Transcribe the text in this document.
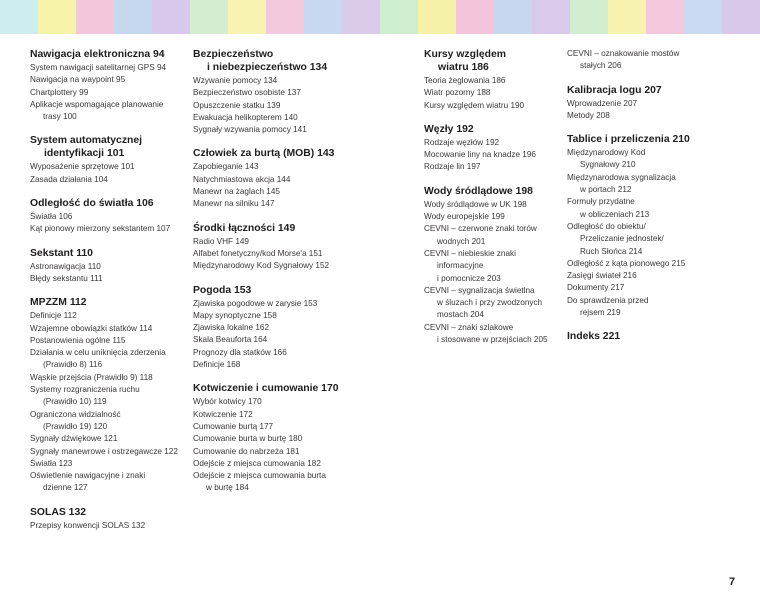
Nawigacja elektroniczna 94
System nawigacji satelitarnej GPS 94
Nawigacja na waypoint 95
Chartplottery 99
Aplikacje wspomagające planowanie
trasy 100
System automatycznej
identyfikacji 101
Wyposażenie sprzętowe 101
Zasada działania 104
Odległość do światła 106
Światła 106
Kąt pionowy mierzony sekstantem 107
Sekstant 110
Astronawigacja 110
Błędy sekstantu 111
MPZZM 112
Definicje 112
Wzajemne obowiązki statków 114
Postanowienia ogólne 115
Działania w celu uniknięcia zderzenia
(Prawidło 8) 116
Wąskie przejścia (Prawidło 9) 118
Systemy rozgraniczenia ruchu
(Prawidło 10) 119
Ograniczona widzialność
(Prawidło 19) 120
Sygnały dźwiękowe 121
Sygnały manewrowe i ostrzegawcze 122
Światła 123
Oświetlenie nawigacyjne i znaki
dzienne 127
SOLAS 132
Przepisy konwencji SOLAS 132
Bezpieczeństwo
i niebezpieczeństwo 134
Wzywanie pomocy 134
Bezpieczeństwo osobiste 137
Opuszczenie statku 139
Ewakuacja helikopterem 140
Sygnały wzywania pomocy 141
Człowiek za burtą (MOB) 143
Zapobieganie 143
Natychmiastowa akcja 144
Manewr na żaglach 145
Manewr na silniku 147
Środki łączności 149
Radio VHF 149
Alfabet fonetyczny/kod Morse'a 151
Międzynarodowy Kod Sygnałowy 152
Pogoda 153
Zjawiska pogodowe w zarysie 153
Mapy synoptyczne 158
Zjawiska lokalne 162
Skala Beauforta 164
Prognozy dla statków 166
Definicje 168
Kotwiczenie i cumowanie 170
Wybór kotwicy 170
Kotwiczenie 172
Cumowanie burtą 177
Cumowanie burta w burtę 180
Cumowanie do nabrzeża 181
Odejście z miejsca cumowania 182
Odejście z miejsca cumowania burta
w burtę 184
Kursy względem
wiatru 186
Teoria żeglowania 186
Wiatr pozorny 188
Kursy względem wiatru 190
Węzły 192
Rodzaje węzłów 192
Mocowanie liny na knadze 196
Rodzaje lin 197
Wody śródlądowe 198
Wody śródlądowe w UK 198
Wody europejskie 199
CEVNI – czerwone znaki torów
wodnych 201
CEVNI – niebieskie znaki
informacyjne
i pomocnicze 203
CEVNI – sygnalizacja świetlna
w śluzach i przy zwodzonych
mostach 204
CEVNI – znaki szlakowe
i stosowane w przejściach 205
CEVNI – oznakowanie mostów
stałych 206
Kalibracja logu 207
Wprowadzenie 207
Metody 208
Tablice i przeliczenia 210
Międzynarodowy Kod
Sygnałowy 210
Międzynarodowa sygnalizacja
w portach 212
Formuły przydatne
w obliczeniach 213
Odległość do obiektu/
Przeliczanie jednostek/
Ruch Słońca 214
Odległość z kąta pionowego 215
Zasięgi świateł 216
Dokumenty 217
Do sprawdzenia przed
rejsem 219
Indeks 221
7
